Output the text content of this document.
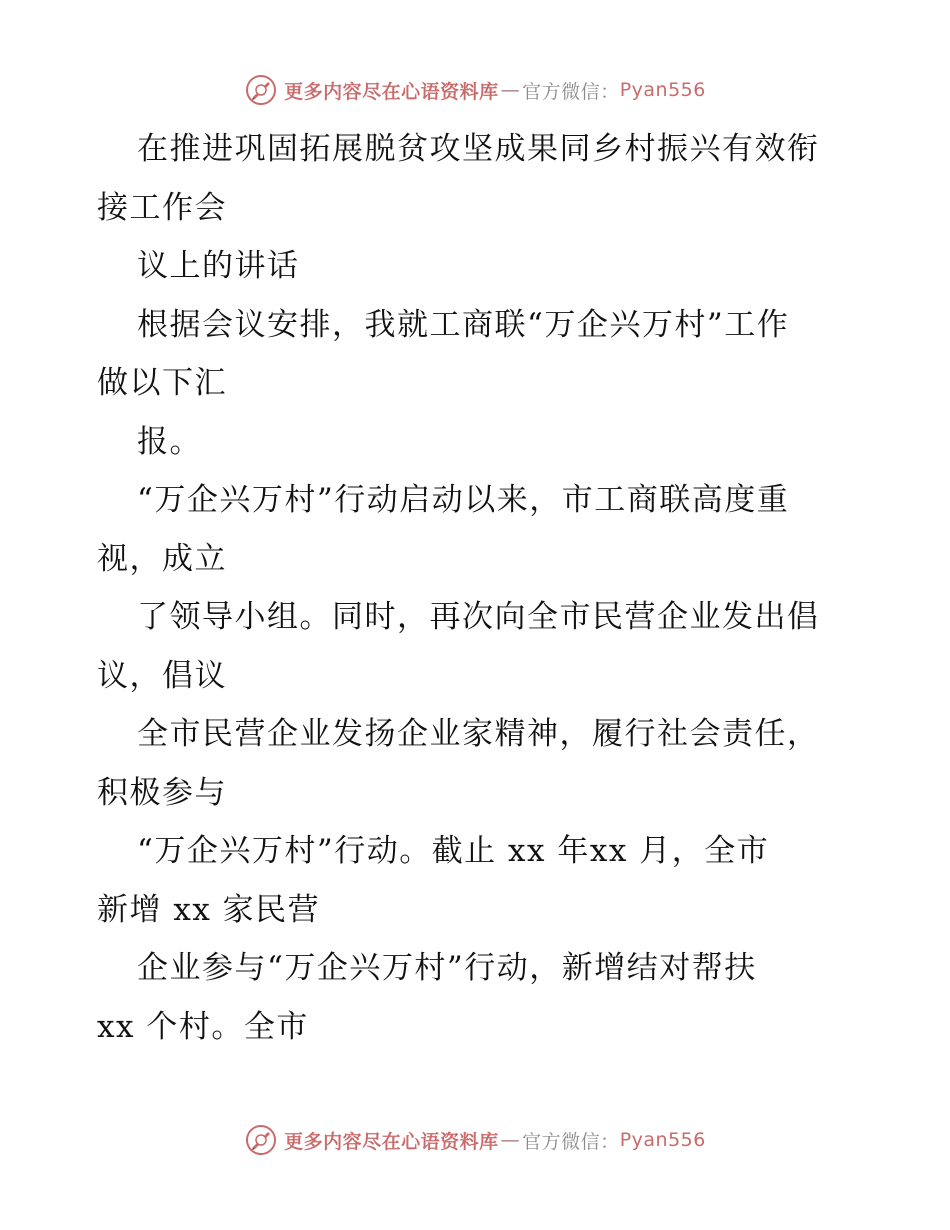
更多内容尽在心语资料库 — 官方微信： Pyan556
在推进巩固拓展脱贫攻坚成果同乡村振兴有效衔
接工作会
议上的讲话
根据会议安排，我就工商联“万企兴万村”工作
做以下汇
报。
“万企兴万村”行动启动以来，市工商联高度重
视，成立
了领导小组。同时，再次向全市民营企业发出倡
议，倡议
全市民营企业发扬企业家精神，履行社会责任，
积极参与
“万企兴万村”行动。截止 xx 年xx 月，全市
新增 xx 家民营
企业参与“万企兴万村”行动，新增结对帮扶
xx 个村。全市
更多内容尽在心语资料库 — 官方微信： Pyan556
